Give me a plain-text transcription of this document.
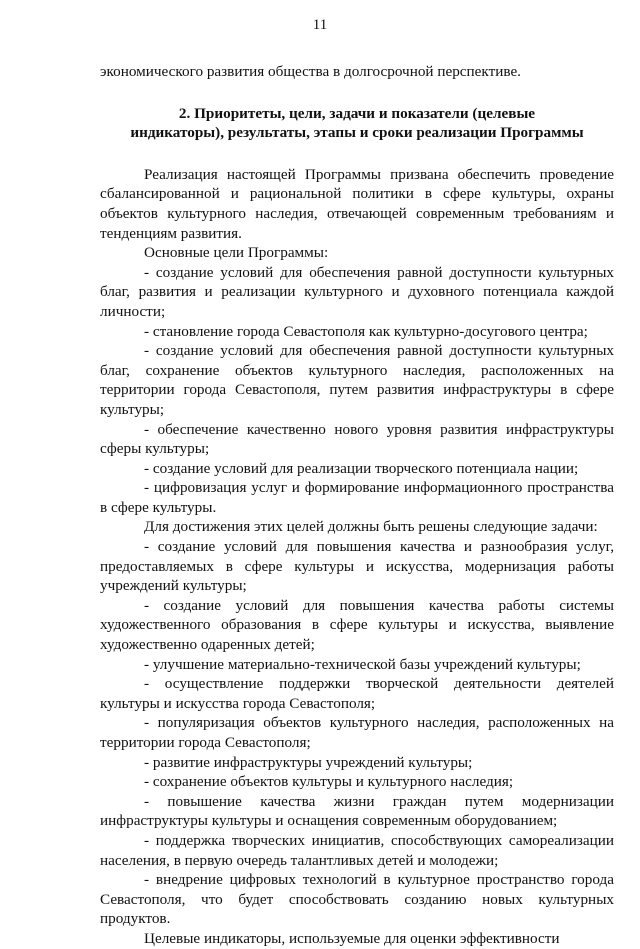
11

экономического развития общества в долгосрочной перспективе.

2. Приоритеты, цели, задачи и показатели (целевые
индикаторы), результаты, этапы и сроки реализации Программы

Реализация настоящей Программы призвана обеспечить проведение сбалансированной и рациональной политики в сфере культуры, охраны объектов культурного наследия, отвечающей современным требованиям и тенденциям развития.

Основные цели Программы:

- создание условий для обеспечения равной доступности культурных благ, развития и реализации культурного и духовного потенциала каждой личности;

- становление города Севастополя как культурно-досугового центра;

- создание условий для обеспечения равной доступности культурных благ, сохранение объектов культурного наследия, расположенных на территории города Севастополя, путем развития инфраструктуры в сфере культуры;

- обеспечение качественно нового уровня развития инфраструктуры сферы культуры;

- создание условий для реализации творческого потенциала нации;

- цифровизация услуг и формирование информационного пространства в сфере культуры.

Для достижения этих целей должны быть решены следующие задачи:

- создание условий для повышения качества и разнообразия услуг, предоставляемых в сфере культуры и искусства, модернизация работы учреждений культуры;

- создание условий для повышения качества работы системы художественного образования в сфере культуры и искусства, выявление художественно одаренных детей;

- улучшение материально-технической базы учреждений культуры;

- осуществление поддержки творческой деятельности деятелей культуры и искусства города Севастополя;

- популяризация объектов культурного наследия, расположенных на территории города Севастополя;

- развитие инфраструктуры учреждений культуры;

- сохранение объектов культуры и культурного наследия;

- повышение качества жизни граждан путем модернизации инфраструктуры культуры и оснащения современным оборудованием;

- поддержка творческих инициатив, способствующих самореализации населения, в первую очередь талантливых детей и молодежи;

- внедрение цифровых технологий в культурное пространство города Севастополя, что будет способствовать созданию новых культурных продуктов.

Целевые индикаторы, используемые для оценки эффективности
